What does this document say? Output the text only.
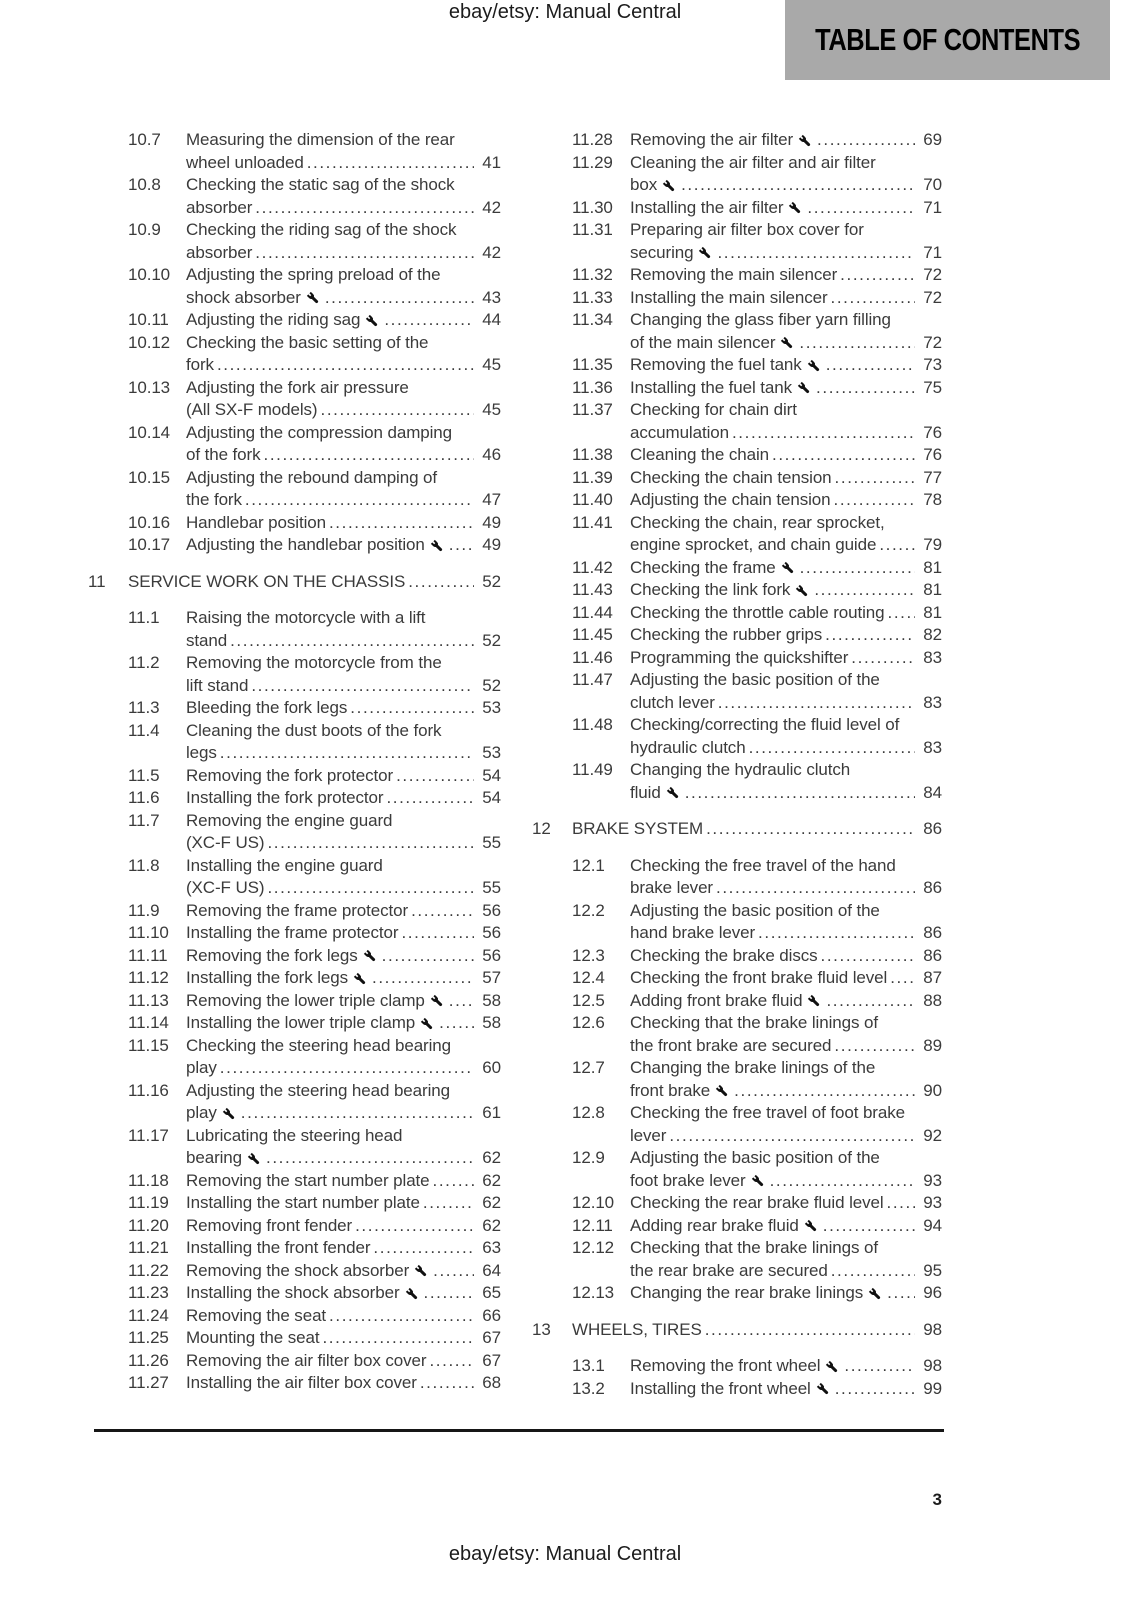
ebay/etsy: Manual Central
TABLE OF CONTENTS
10.7	Measuring the dimension of the rear
wheel unloaded .....	41
10.8	Checking the static sag of the shock
absorber .....	42
10.9	Checking the riding sag of the shock
absorber .....	42
10.10 Adjusting the spring preload of the
shock absorber .....	43
10.11	Adjusting the riding sag .....	44
10.12 Checking the basic setting of the
fork .....	45
10.13 Adjusting the fork air pressure
(All SX-F models) .....	45
10.14 Adjusting the compression damping
of the fork .....	46
10.15 Adjusting the rebound damping of
the fork .....	47
10.16 Handlebar position .....	49
10.17 Adjusting the handlebar position .....	49
11	SERVICE WORK ON THE CHASSIS .....	52
11.1	Raising the motorcycle with a lift
stand .....	52
11.2	Removing the motorcycle from the
lift stand .....	52
11.3	Bleeding the fork legs .....	53
11.4	Cleaning the dust boots of the fork
legs .....	53
11.5	Removing the fork protector .....	54
11.6	Installing the fork protector .....	54
11.7	Removing the engine guard
(XC-F US) .....	55
11.8	Installing the engine guard
(XC-F US) .....	55
11.9	Removing the frame protector .....	56
11.10	Installing the frame protector .....	56
11.11	Removing the fork legs .....	56
11.12	Installing the fork legs .....	57
11.13	Removing the lower triple clamp .....	58
11.14	Installing the lower triple clamp .....	58
11.15	Checking the steering head bearing
play .....	60
11.16	Adjusting the steering head bearing
play .....	61
11.17	Lubricating the steering head
bearing .....	62
11.18	Removing the start number plate .....	62
11.19	Installing the start number plate .....	62
11.20	Removing front fender .....	62
11.21	Installing the front fender .....	63
11.22	Removing the shock absorber .....	64
11.23	Installing the shock absorber .....	65
11.24	Removing the seat .....	66
11.25	Mounting the seat .....	67
11.26	Removing the air filter box cover .....	67
11.27	Installing the air filter box cover .....	68
11.28	Removing the air filter .....	69
11.29	Cleaning the air filter and air filter
box .....	70
11.30	Installing the air filter .....	71
11.31	Preparing air filter box cover for
securing .....	71
11.32	Removing the main silencer .....	72
11.33	Installing the main silencer .....	72
11.34	Changing the glass fiber yarn filling
of the main silencer .....	72
11.35	Removing the fuel tank .....	73
11.36	Installing the fuel tank .....	75
11.37	Checking for chain dirt
accumulation .....	76
11.38	Cleaning the chain .....	76
11.39	Checking the chain tension .....	77
11.40	Adjusting the chain tension .....	78
11.41	Checking the chain, rear sprocket,
engine sprocket, and chain guide .....	79
11.42	Checking the frame .....	81
11.43	Checking the link fork .....	81
11.44	Checking the throttle cable routing .....	81
11.45	Checking the rubber grips .....	82
11.46	Programming the quickshifter .....	83
11.47	Adjusting the basic position of the
clutch lever .....	83
11.48	Checking/correcting the fluid level of
hydraulic clutch .....	83
11.49	Changing the hydraulic clutch
fluid .....	84
12	BRAKE SYSTEM .....	86
12.1	Checking the free travel of the hand
brake lever .....	86
12.2	Adjusting the basic position of the
hand brake lever .....	86
12.3	Checking the brake discs .....	86
12.4	Checking the front brake fluid level .....	87
12.5	Adding front brake fluid .....	88
12.6	Checking that the brake linings of
the front brake are secured .....	89
12.7	Changing the brake linings of the
front brake .....	90
12.8	Checking the free travel of foot brake
lever .....	92
12.9	Adjusting the basic position of the
foot brake lever .....	93
12.10 Checking the rear brake fluid level .....	93
12.11	Adding rear brake fluid .....	94
12.12 Checking that the brake linings of
the rear brake are secured .....	95
12.13 Changing the rear brake linings .....	96
13	WHEELS, TIRES .....	98
13.1	Removing the front wheel .....	98
13.2	Installing the front wheel .....	99
3
ebay/etsy: Manual Central
